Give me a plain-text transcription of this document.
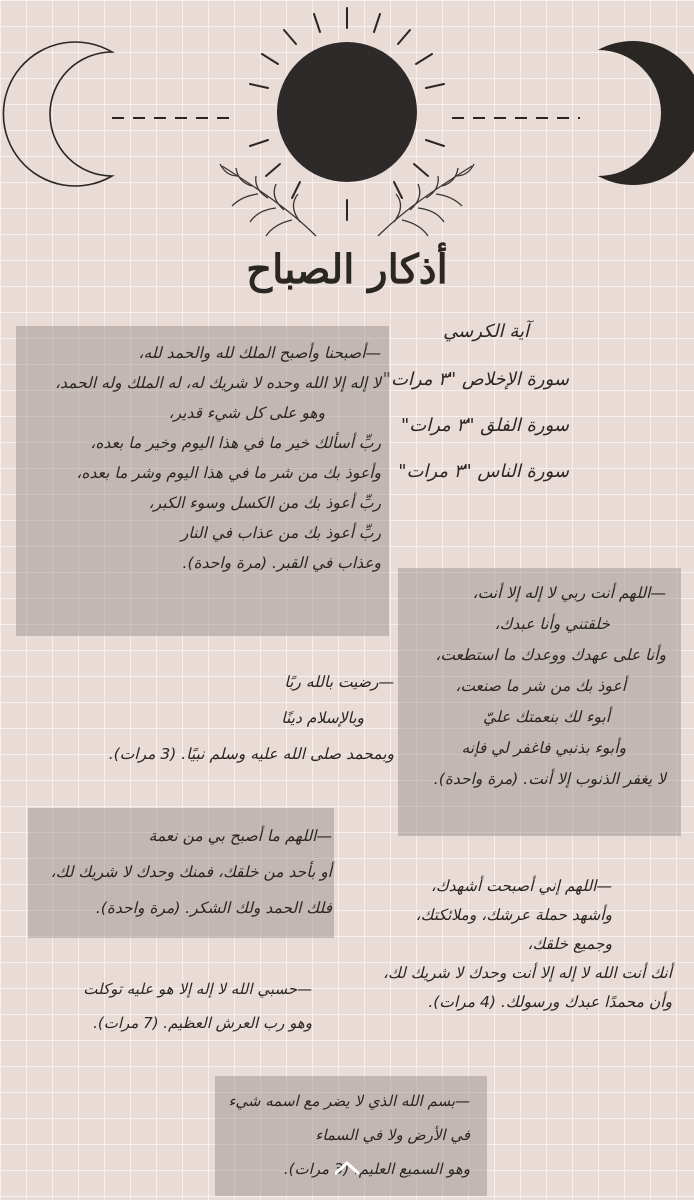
أذكار الصباح

آية الكرسي

سورة الإخلاص "٣ مرات"

سورة الفلق "٣ مرات"

سورة الناس "٣ مرات"

— أصبحنا وأصبح الملك لله والحمد لله،

لا إله إلا الله وحده لا شريك له، له الملك وله الحمد،

وهو على كل شيء قدير،

ربِّ أسألك خير ما في هذا اليوم وخير ما بعده،

وأعوذ بك من شر ما في هذا اليوم وشر ما بعده،

ربِّ أعوذ بك من الكسل وسوء الكبر،

ربِّ أعوذ بك من عذاب في النار

وعذاب في القبر. (مرة واحدة).

— اللهم أنت ربي لا إله إلا أنت،

خلقتني وأنا عبدك،

وأنا على عهدك ووعدك ما استطعت،

أعوذ بك من شر ما صنعت،

أبوء لك بنعمتك عليّ

وأبوء بذنبي فاغفر لي فإنه

لا يغفر الذنوب إلا أنت. (مرة واحدة).

— رضيت بالله ربًا

وبالإسلام دينًا

وبمحمد صلى الله عليه وسلم نبيًا. (3 مرات).

— اللهم ما أصبح بي من نعمة

أو بأحد من خلقك، فمنك وحدك لا شريك لك،

فلك الحمد ولك الشكر. (مرة واحدة).

— اللهم إني أصبحت أشهدك،

وأشهد حملة عرشك، وملائكتك،

وجميع خلقك،

أنك أنت الله لا إله إلا أنت وحدك لا شريك لك،

وأن محمدًا عبدك ورسولك. (4 مرات).

— حسبي الله لا إله إلا هو عليه توكلت

وهو رب العرش العظيم. (7 مرات).

— بسم الله الذي لا يضر مع اسمه شيء

في الأرض ولا في السماء

وهو السميع العليم. (3 مرات).
